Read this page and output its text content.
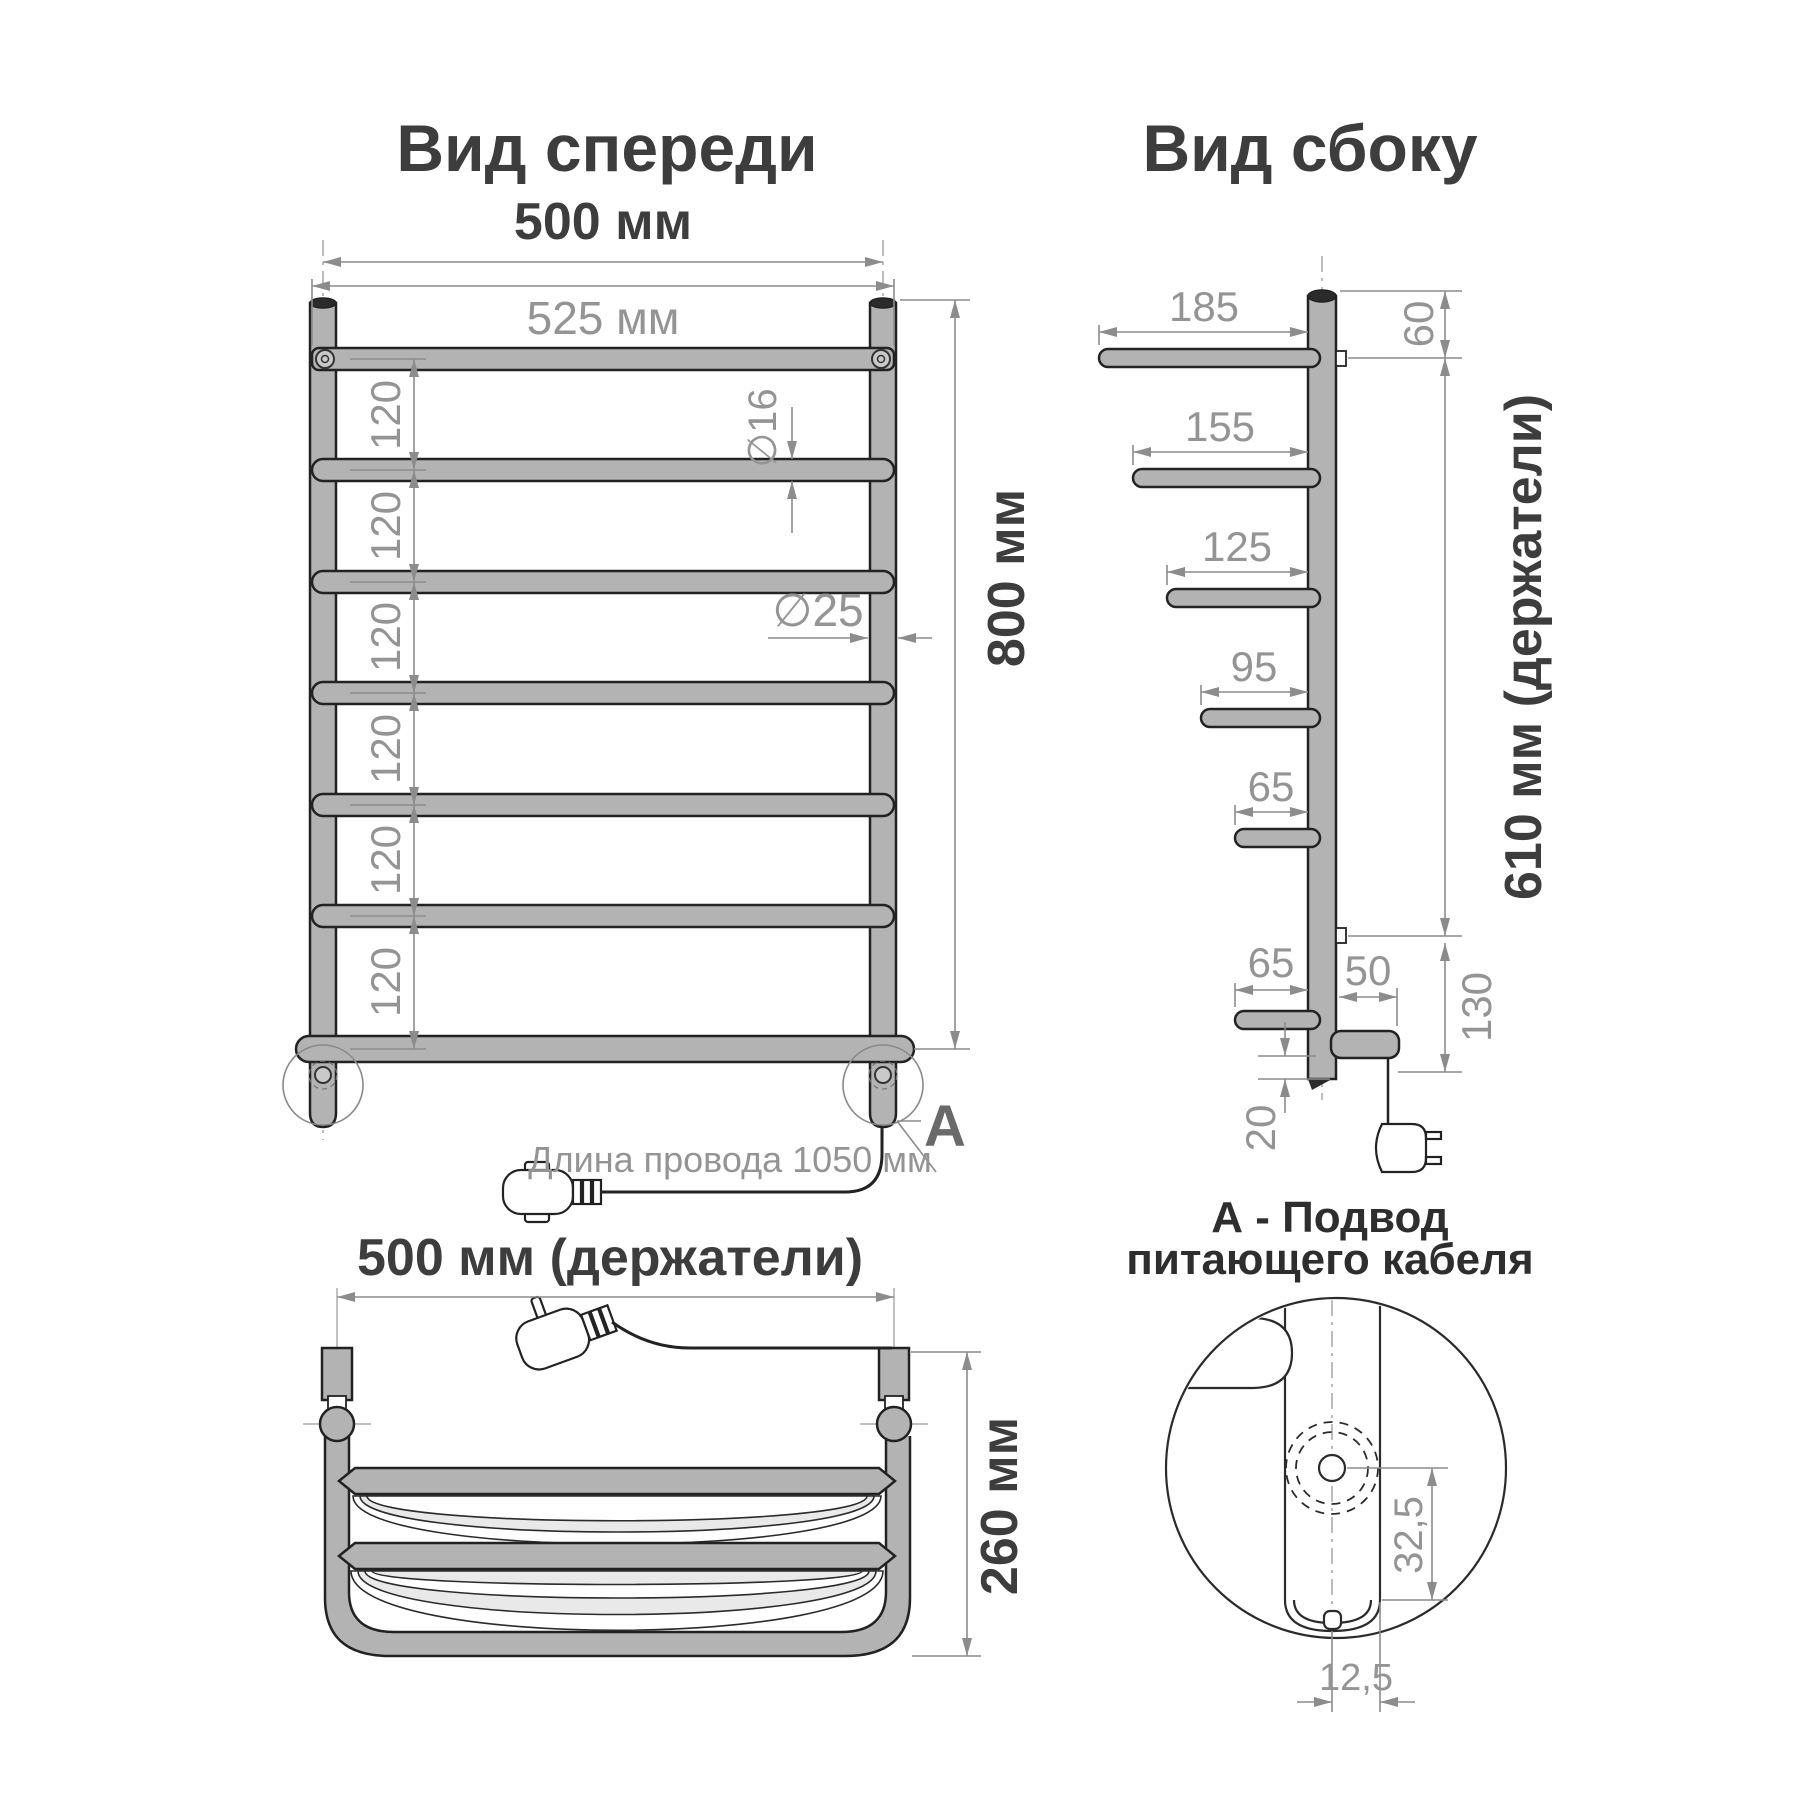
Вид спереди
500 мм
525 мм
120
120
120
120
120
120
∅16
∅25 800 мм
Длина провода 1050 мм
А
Вид сбоку
185
155
125
95
65
65
60
610 мм (держатели)
130
50
20
500 мм (держатели)
260 мм
А - Подвод
питающего кабеля
32,5
12,5
